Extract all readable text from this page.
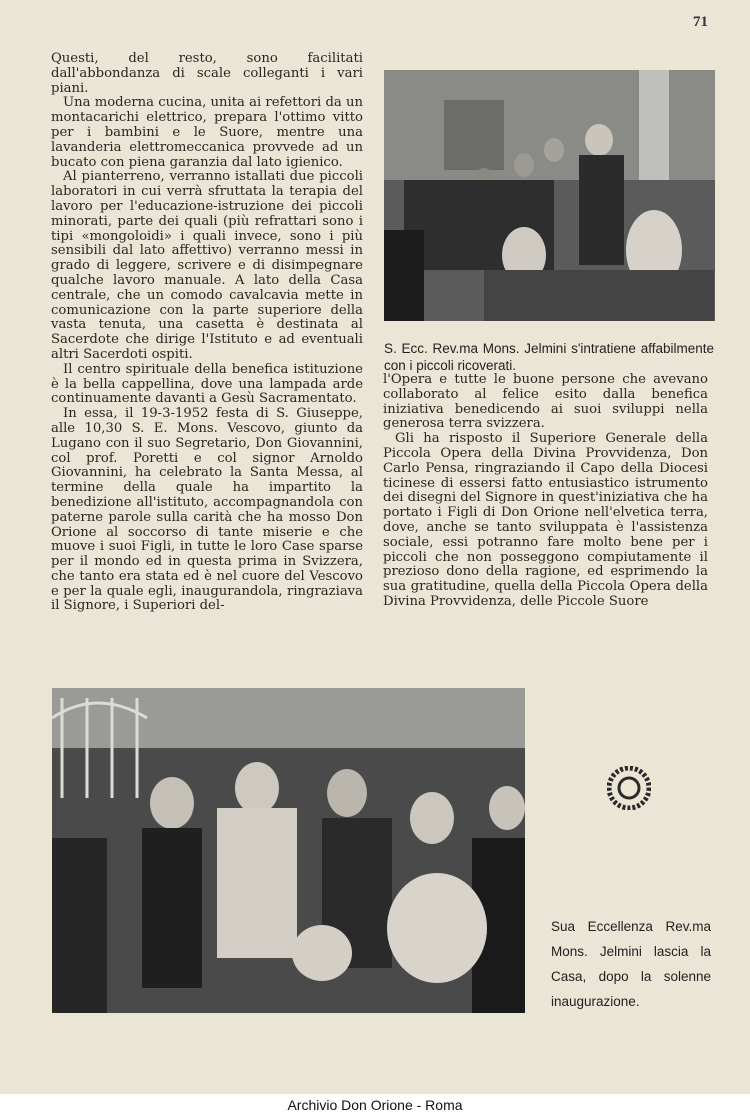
71

Questi, del resto, sono facilitati dall'abbondanza di scale colleganti i vari piani.

Una moderna cucina, unita ai refettori da un montacarichi elettrico, prepara l'ottimo vitto per i bambini e le Suore, mentre una lavanderia elettromeccanica provvede ad un bucato con piena garanzia dal lato igienico.

Al pianterreno, verranno istallati due piccoli laboratori in cui verrà sfruttata la terapia del lavoro per l'educazione-istruzione dei piccoli minorati, parte dei quali (più refrattari sono i tipi «mongoloidi» i quali invece, sono i più sensibili dal lato affettivo) verranno messi in grado di leggere, scrivere e di disimpegnare qualche lavoro manuale. A lato della Casa centrale, che un comodo cavalcavia mette in comunicazione con la parte superiore della vasta tenuta, una casetta è destinata al Sacerdote che dirige l'Istituto e ad eventuali altri Sacerdoti ospiti.

Il centro spirituale della benefica istituzione è la bella cappellina, dove una lampada arde continuamente davanti a Gesù Sacramentato.

In essa, il 19-3-1952 festa di S. Giuseppe, alle 10,30 S. E. Mons. Vescovo, giunto da Lugano con il suo Segretario, Don Giovannini, col prof. Poretti e col signor Arnoldo Giovannini, ha celebrato la Santa Messa, al termine della quale ha impartito la benedizione all'istituto, accompagnandola con paterne parole sulla carità che ha mosso Don Orione al soccorso di tante miserie e che muove i suoi Figli, in tutte le loro Case sparse per il mondo ed in questa prima in Svizzera, che tanto era stata ed è nel cuore del Vescovo e per la quale egli, inaugurandola, ringraziava il Signore, i Superiori del-

S. Ecc. Rev.ma Mons. Jelmini s'intratiene affabilmente con i piccoli ricoverati.

l'Opera e tutte le buone persone che avevano collaborato al felice esito dalla benefica iniziativa benedicendo ai suoi sviluppi nella generosa terra svizzera.

Gli ha risposto il Superiore Generale della Piccola Opera della Divina Provvidenza, Don Carlo Pensa, ringraziando il Capo della Diocesi ticinese di essersi fatto entusiastico istrumento dei disegni del Signore in quest'iniziativa che ha portato i Figli di Don Orione nell'elvetica terra, dove, anche se tanto sviluppata è l'assistenza sociale, essi potranno fare molto bene per i piccoli che non posseggono compiutamente il prezioso dono della ragione, ed esprimendo la sua gratitudine, quella della Piccola Opera della Divina Provvidenza, delle Piccole Suore

Sua Eccellenza Rev.ma Mons. Jelmini lascia la Casa, dopo la solenne inaugurazione.
Archivio Don Orione - Roma
